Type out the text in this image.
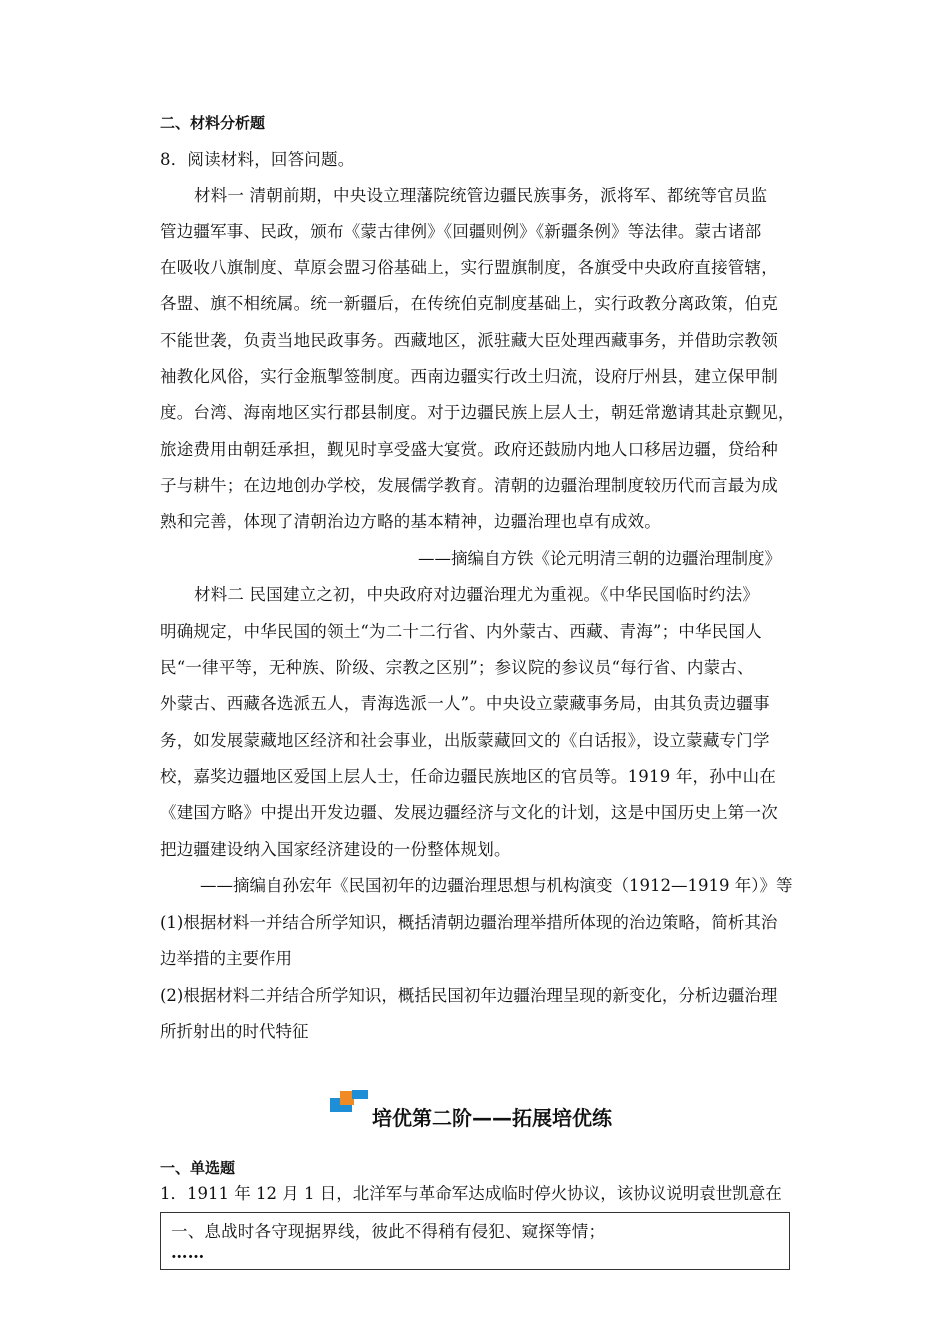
二、材料分析题
8．阅读材料，回答问题。
材料一 清朝前期，中央设立理藩院统管边疆民族事务，派将军、都统等官员监
管边疆军事、民政，颁布《蒙古律例》《回疆则例》《新疆条例》等法律。蒙古诸部
在吸收八旗制度、草原会盟习俗基础上，实行盟旗制度，各旗受中央政府直接管辖，
各盟、旗不相统属。统一新疆后，在传统伯克制度基础上，实行政教分离政策，伯克
不能世袭，负责当地民政事务。西藏地区，派驻藏大臣处理西藏事务，并借助宗教领
袖教化风俗，实行金瓶掣签制度。西南边疆实行改土归流，设府厅州县，建立保甲制
度。台湾、海南地区实行郡县制度。对于边疆民族上层人士，朝廷常邀请其赴京觐见，
旅途费用由朝廷承担，觐见时享受盛大宴赏。政府还鼓励内地人口移居边疆，贷给种
子与耕牛；在边地创办学校，发展儒学教育。清朝的边疆治理制度较历代而言最为成
熟和完善，体现了清朝治边方略的基本精神，边疆治理也卓有成效。
——摘编自方铁《论元明清三朝的边疆治理制度》
材料二 民国建立之初，中央政府对边疆治理尤为重视。《中华民国临时约法》
明确规定，中华民国的领土“为二十二行省、内外蒙古、西藏、青海”；中华民国人
民“一律平等，无种族、阶级、宗教之区别”；参议院的参议员“每行省、内蒙古、
外蒙古、西藏各选派五人，青海选派一人”。中央设立蒙藏事务局，由其负责边疆事
务，如发展蒙藏地区经济和社会事业，出版蒙藏回文的《白话报》，设立蒙藏专门学
校，嘉奖边疆地区爱国上层人士，任命边疆民族地区的官员等。1919 年，孙中山在
《建国方略》中提出开发边疆、发展边疆经济与文化的计划，这是中国历史上第一次
把边疆建设纳入国家经济建设的一份整体规划。
——摘编自孙宏年《民国初年的边疆治理思想与机构演变（1912—1919 年）》等
(1)根据材料一并结合所学知识，概括清朝边疆治理举措所体现的治边策略，简析其治
边举措的主要作用
(2)根据材料二并结合所学知识，概括民国初年边疆治理呈现的新变化，分析边疆治理
所折射出的时代特征
培优第二阶——拓展培优练
一、单选题
1．1911 年 12 月 1 日，北洋军与革命军达成临时停火协议，该协议说明袁世凯意在
一、息战时各守现据界线，彼此不得稍有侵犯、窥探等情；
……
